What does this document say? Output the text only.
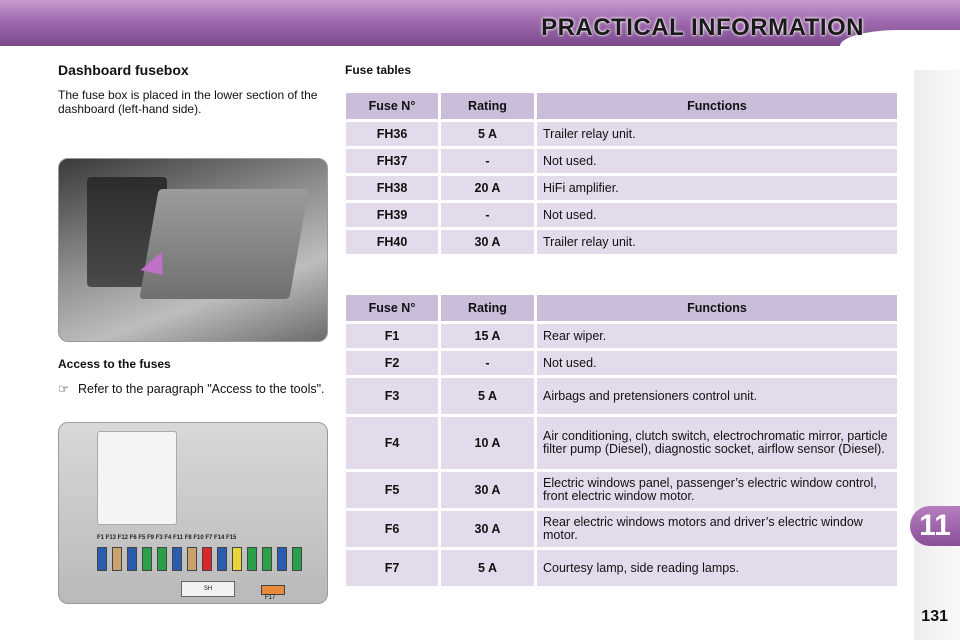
PRACTICAL INFORMATION
11
131
Dashboard fusebox
The fuse box is placed in the lower section of the dashboard (left-hand side).
Access to the fuses
☞ Refer to the paragraph "Access to the tools".
F1 F13 F12 F6 F5 F9 F3 F4 F11 F8 F10 F7 F14 F15
SH
F17
Fuse tables
Fuse N°	Rating	Functions
FH36	5 A	Trailer relay unit.
FH37	-	Not used.
FH38	20 A	HiFi amplifier.
FH39	-	Not used.
FH40	30 A	Trailer relay unit.
Fuse N°	Rating	Functions
F1	15 A	Rear wiper.
F2	-	Not used.
F3	5 A	Airbags and pretensioners control unit.
F4	10 A	Air conditioning, clutch switch, electrochromatic mirror, particle filter pump (Diesel), diagnostic socket, airflow sensor (Diesel).
F5	30 A	Electric windows panel, passenger’s electric window control, front electric window motor.
F6	30 A	Rear electric windows motors and driver’s electric window motor.
F7	5 A	Courtesy lamp, side reading lamps.
